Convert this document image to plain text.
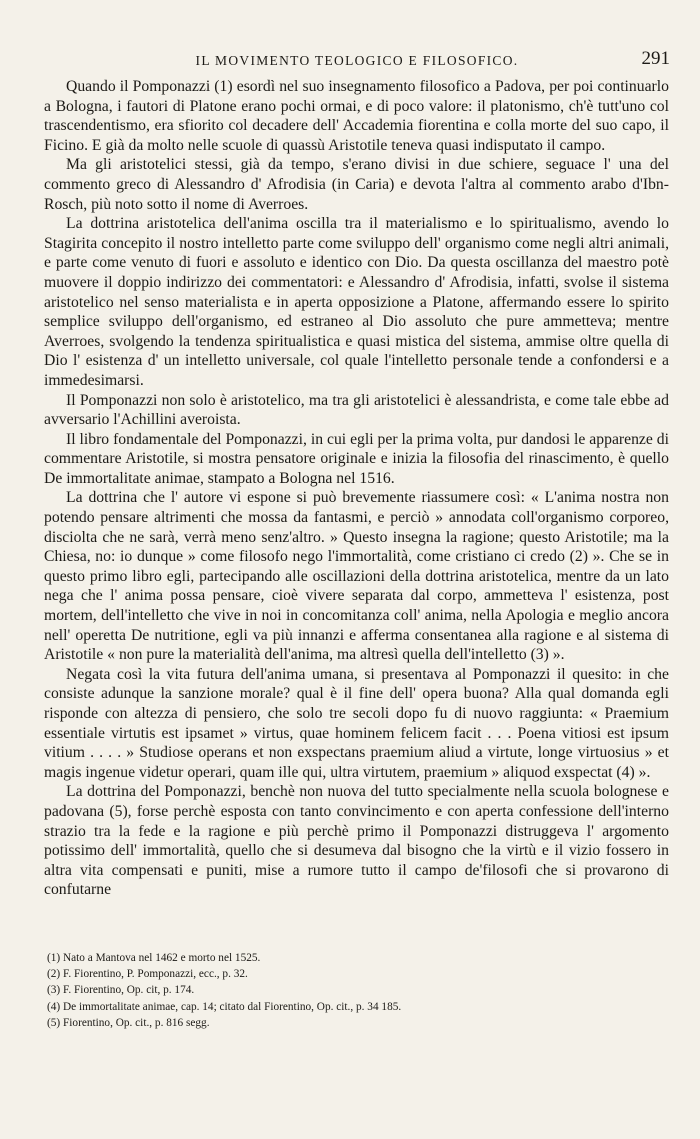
IL MOVIMENTO TEOLOGICO E FILOSOFICO.	291

Quando il Pomponazzi (1) esordì nel suo insegnamento filosofico a Padova, per poi continuarlo a Bologna, i fautori di Platone erano pochi ormai, e di poco valore: il platonismo, ch'è tutt'uno col trascendentismo, era sfiorito col decadere dell' Accademia fiorentina e colla morte del suo capo, il Ficino. E già da molto nelle scuole di quassù Aristotile teneva quasi indisputato il campo.

Ma gli aristotelici stessi, già da tempo, s'erano divisi in due schiere, seguace l' una del commento greco di Alessandro d' Afrodisia (in Caria) e devota l'altra al commento arabo d'Ibn-Rosch, più noto sotto il nome di Averroes.

La dottrina aristotelica dell'anima oscilla tra il materialismo e lo spiritualismo, avendo lo Stagirita concepito il nostro intelletto parte come sviluppo dell' organismo come negli altri animali, e parte come venuto di fuori e assoluto e identico con Dio. Da questa oscillanza del maestro potè muovere il doppio indirizzo dei commentatori: e Alessandro d' Afrodisia, infatti, svolse il sistema aristotelico nel senso materialista e in aperta opposizione a Platone, affermando essere lo spirito semplice sviluppo dell'organismo, ed estraneo al Dio assoluto che pure ammetteva; mentre Averroes, svolgendo la tendenza spiritualistica e quasi mistica del sistema, ammise oltre quella di Dio l' esistenza d' un intelletto universale, col quale l'intelletto personale tende a confondersi e a immedesimarsi.

Il Pomponazzi non solo è aristotelico, ma tra gli aristotelici è alessandrista, e come tale ebbe ad avversario l'Achillini averoista.

Il libro fondamentale del Pomponazzi, in cui egli per la prima volta, pur dandosi le apparenze di commentare Aristotile, si mostra pensatore originale e inizia la filosofia del rinascimento, è quello De immortalitate animae, stampato a Bologna nel 1516.

La dottrina che l' autore vi espone si può brevemente riassumere così: « L'anima nostra non potendo pensare altrimenti che mossa da fantasmi, e perciò » annodata coll'organismo corporeo, disciolta che ne sarà, verrà meno senz'altro. » Questo insegna la ragione; questo Aristotile; ma la Chiesa, no: io dunque » come filosofo nego l'immortalità, come cristiano ci credo (2) ». Che se in questo primo libro egli, partecipando alle oscillazioni della dottrina aristotelica, mentre da un lato nega che l' anima possa pensare, cioè vivere separata dal corpo, ammetteva l' esistenza, post mortem, dell'intelletto che vive in noi in concomitanza coll' anima, nella Apologia e meglio ancora nell' operetta De nutritione, egli va più innanzi e afferma consentanea alla ragione e al sistema di Aristotile « non pure la materialità dell'anima, ma altresì quella dell'intelletto (3) ».

Negata così la vita futura dell'anima umana, si presentava al Pomponazzi il quesito: in che consiste adunque la sanzione morale? qual è il fine dell' opera buona? Alla qual domanda egli risponde con altezza di pensiero, che solo tre secoli dopo fu di nuovo raggiunta: « Praemium essentiale virtutis est ipsamet » virtus, quae hominem felicem facit . . . Poena vitiosi est ipsum vitium . . . . » Studiose operans et non exspectans praemium aliud a virtute, longe virtuosius » et magis ingenue videtur operari, quam ille qui, ultra virtutem, praemium » aliquod exspectat (4) ».

La dottrina del Pomponazzi, benchè non nuova del tutto specialmente nella scuola bolognese e padovana (5), forse perchè esposta con tanto convincimento e con aperta confessione dell'interno strazio tra la fede e la ragione e più perchè primo il Pomponazzi distruggeva l' argomento potissimo dell' immortalità, quello che si desumeva dal bisogno che la virtù e il vizio fossero in altra vita compensati e puniti, mise a rumore tutto il campo de'filosofi che si provarono di confutarne

(1) Nato a Mantova nel 1462 e morto nel 1525.
(2) F. Fiorentino, P. Pomponazzi, ecc., p. 32.
(3) F. Fiorentino, Op. cit, p. 174.
(4) De immortalitate animae, cap. 14; citato dal Fiorentino, Op. cit., p. 34 185.
(5) Fiorentino, Op. cit., p. 816 segg.
